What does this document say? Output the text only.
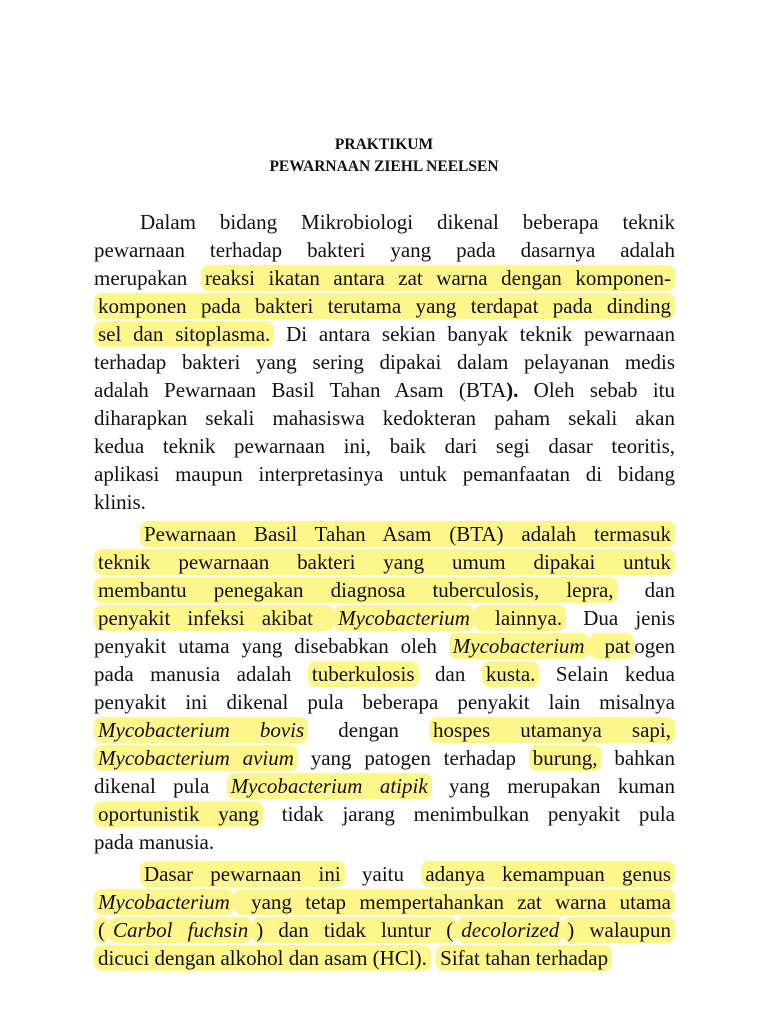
PRAKTIKUM

PEWARNAAN ZIEHL NEELSEN

Dalam bidang Mikrobiologi dikenal beberapa teknik

pewarnaan terhadap bakteri yang pada dasarnya adalah

merupakan reaksi ikatan antara zat warna dengan komponen-

komponen pada bakteri terutama yang terdapat pada dinding

sel dan sitoplasma. Di antara sekian banyak teknik pewarnaan

terhadap bakteri yang sering dipakai dalam pelayanan medis

adalah Pewarnaan Basil Tahan Asam (BTA). Oleh sebab itu

diharapkan sekali mahasiswa kedokteran paham sekali akan

kedua teknik pewarnaan ini, baik dari segi dasar teoritis,

aplikasi maupun interpretasinya untuk pemanfaatan di bidang

klinis.

Pewarnaan Basil Tahan Asam (BTA) adalah termasuk

teknik pewarnaan bakteri yang umum dipakai untuk

membantu penegakan diagnosa tuberculosis, lepra, dan

penyakit infeksi akibat Mycobacterium lainnya. Dua jenis

penyakit utama yang disebabkan oleh Mycobacterium pat ogen

pada manusia adalah tuberkulosis dan kusta. Selain kedua

penyakit ini dikenal pula beberapa penyakit lain misalnya

Mycobacterium bovis dengan hospes utamanya sapi,

Mycobacterium avium yang patogen terhadap burung, bahkan

dikenal pula Mycobacterium atipik yang merupakan kuman

oportunistik yang tidak jarang menimbulkan penyakit pula

pada manusia.

Dasar pewarnaan ini yaitu adanya kemampuan genus

Mycobacterium yang tetap mempertahankan zat warna utama

( Carbol fuchsin ) dan tidak luntur ( decolorized ) walaupun

dicuci dengan alkohol dan asam (HCl). Sifat tahan terhadap
